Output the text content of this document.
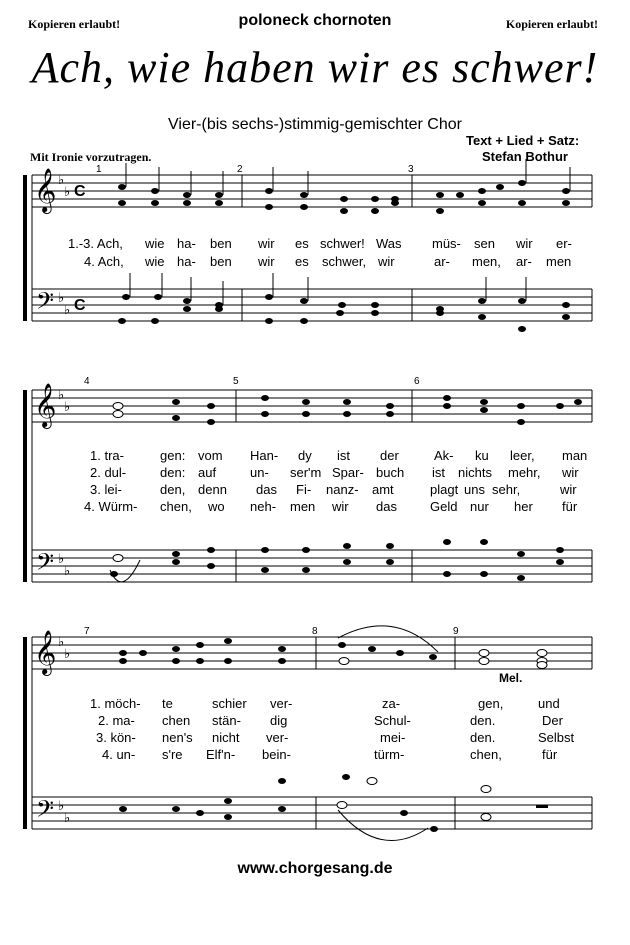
Kopieren erlaubt!	poloneck chornoten	Kopieren erlaubt!
Ach, wie haben wir es schwer!
Vier-(bis sechs-)stimmig-gemischter Chor
Text + Lied + Satz:
Stefan Bothur
Mit Ironie vorzutragen.
𝄞
𝄢
♭
♭
♭
♭
C
C
1	2	3
1.-3. Ach, wie ha- ben wir es schwer! Was müs- sen wir er-
4. Ach, wie ha- ben wir es schwer, wir	ar- men, ar- men
𝄞
𝄢
♭
♭
♭
♭
4	5	6
1. tra-	gen: vom Han- dy ist der	Ak- ku leer, man
2. dul-	den: auf	un- ser'm Spar- buch ist nichts mehr, wir
3. lei-	den, denn das Fi- nanz- amt	plagt uns sehr,	wir
4. Würm- chen, wo neh- men wir das	Geld nur her für
𝄞
𝄢
♭
♭
♭
♭
7	8	9
Mel.
1. möch- te	schier ver-	za-	gen,	und
2. ma- chen stän- dig	Schul-	den.	Der
3. kön- nen's nicht ver-	mei-	den.	Selbst
4. un- s're Elf'n- bein-	türm-	chen,	für
www.chorgesang.de
